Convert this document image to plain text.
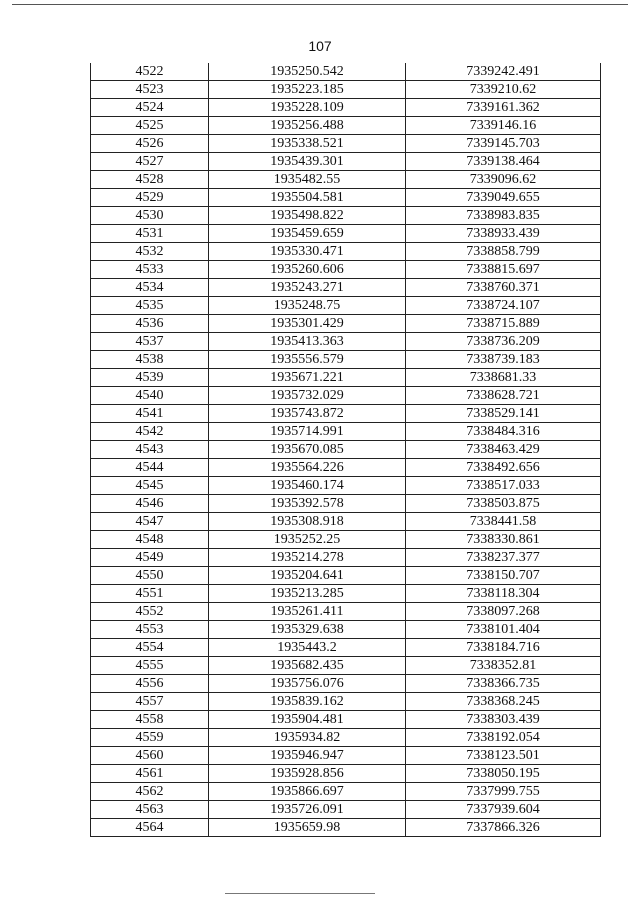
107
4522	1935250.542	7339242.491
4523	1935223.185	7339210.62
4524	1935228.109	7339161.362
4525	1935256.488	7339146.16
4526	1935338.521	7339145.703
4527	1935439.301	7339138.464
4528	1935482.55	7339096.62
4529	1935504.581	7339049.655
4530	1935498.822	7338983.835
4531	1935459.659	7338933.439
4532	1935330.471	7338858.799
4533	1935260.606	7338815.697
4534	1935243.271	7338760.371
4535	1935248.75	7338724.107
4536	1935301.429	7338715.889
4537	1935413.363	7338736.209
4538	1935556.579	7338739.183
4539	1935671.221	7338681.33
4540	1935732.029	7338628.721
4541	1935743.872	7338529.141
4542	1935714.991	7338484.316
4543	1935670.085	7338463.429
4544	1935564.226	7338492.656
4545	1935460.174	7338517.033
4546	1935392.578	7338503.875
4547	1935308.918	7338441.58
4548	1935252.25	7338330.861
4549	1935214.278	7338237.377
4550	1935204.641	7338150.707
4551	1935213.285	7338118.304
4552	1935261.411	7338097.268
4553	1935329.638	7338101.404
4554	1935443.2	7338184.716
4555	1935682.435	7338352.81
4556	1935756.076	7338366.735
4557	1935839.162	7338368.245
4558	1935904.481	7338303.439
4559	1935934.82	7338192.054
4560	1935946.947	7338123.501
4561	1935928.856	7338050.195
4562	1935866.697	7337999.755
4563	1935726.091	7337939.604
4564	1935659.98	7337866.326
